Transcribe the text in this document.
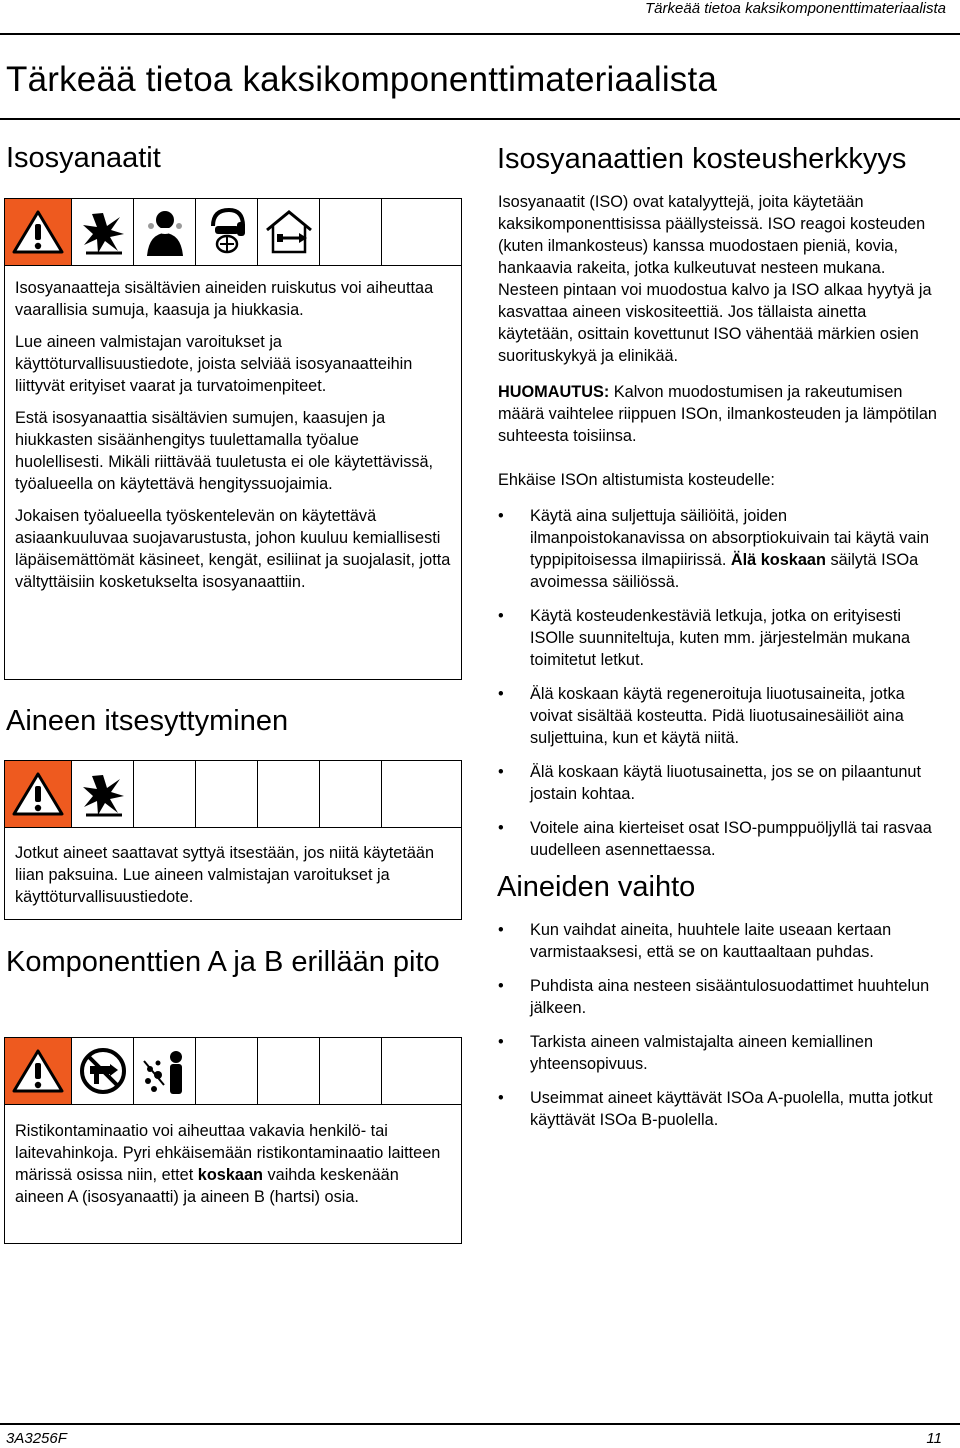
Tärkeää tietoa kaksikomponenttimateriaalista
Tärkeää tietoa kaksikomponenttimateriaalista
Isosyanaatit

Isosyanaatteja sisältävien aineiden ruiskutus voi aiheuttaa vaarallisia sumuja, kaasuja ja hiukkasia.

Lue aineen valmistajan varoitukset ja käyttöturvallisuustiedote, joista selviää isosyanaatteihin liittyvät erityiset vaarat ja turvatoimenpiteet.

Estä isosyanaattia sisältävien sumujen, kaasujen ja hiukkasten sisäänhengitys tuulettamalla työalue huolellisesti. Mikäli riittävää tuuletusta ei ole käytettävissä, työalueella on käytettävä hengityssuojaimia.

Jokaisen työalueella työskentelevän on käytettävä asiaankuuluvaa suojavarustusta, johon kuuluu kemiallisesti läpäisemättömät käsineet, kengät, esiliinat ja suojalasit, jotta vältyttäisiin kosketukselta isosyanaattiin.

Aineen itsesyttyminen

Jotkut aineet saattavat syttyä itsestään, jos niitä käytetään liian paksuina. Lue aineen valmistajan varoitukset ja käyttöturvallisuustiedote.

Komponenttien A ja B erillään pito

Ristikontaminaatio voi aiheuttaa vakavia henkilö- tai laitevahinkoja. Pyri ehkäisemään ristikontaminaatio laitteen märissä osissa niin, ettet koskaan vaihda keskenään aineen A (isosyanaatti) ja aineen B (hartsi) osia.

Isosyanaattien kosteusherkkyys

Isosyanaatit (ISO) ovat katalyyttejä, joita käytetään kaksikomponenttisissa päällysteissä. ISO reagoi kosteuden (kuten ilmankosteus) kanssa muodostaen pieniä, kovia, hankaavia rakeita, jotka kulkeutuvat nesteen mukana. Nesteen pintaan voi muodostua kalvo ja ISO alkaa hyytyä ja kasvattaa aineen viskositeettiä. Jos tällaista ainetta käytetään, osittain kovettunut ISO vähentää märkien osien suorituskykyä ja elinikää.

HUOMAUTUS: Kalvon muodostumisen ja rakeutumisen määrä vaihtelee riippuen ISOn, ilmankosteuden ja lämpötilan suhteesta toisiinsa.

Ehkäise ISOn altistumista kosteudelle:

• Käytä aina suljettuja säiliöitä, joiden ilmanpoistokanavissa on absorptiokuivain tai käytä vain typpipitoisessa ilmapiirissä. Älä koskaan säilytä ISOa avoimessa säiliössä.
• Käytä kosteudenkestäviä letkuja, jotka on erityisesti ISOlle suunniteltuja, kuten mm. järjestelmän mukana toimitetut letkut.
• Älä koskaan käytä regeneroituja liuotusaineita, jotka voivat sisältää kosteutta. Pidä liuotusainesäiliöt aina suljettuina, kun et käytä niitä.
• Älä koskaan käytä liuotusainetta, jos se on pilaantunut jostain kohtaa.
• Voitele aina kierteiset osat ISO-pumppuöljyllä tai rasvaa uudelleen asennettaessa.
Aineiden vaihto
• Kun vaihdat aineita, huuhtele laite useaan kertaan varmistaaksesi, että se on kauttaaltaan puhdas.
• Puhdista aina nesteen sisääntulosuodattimet huuhtelun jälkeen.
• Tarkista aineen valmistajalta aineen kemiallinen yhteensopivuus.
• Useimmat aineet käyttävät ISOa A-puolella, mutta jotkut käyttävät ISOa B-puolella.
3A3256F	11
